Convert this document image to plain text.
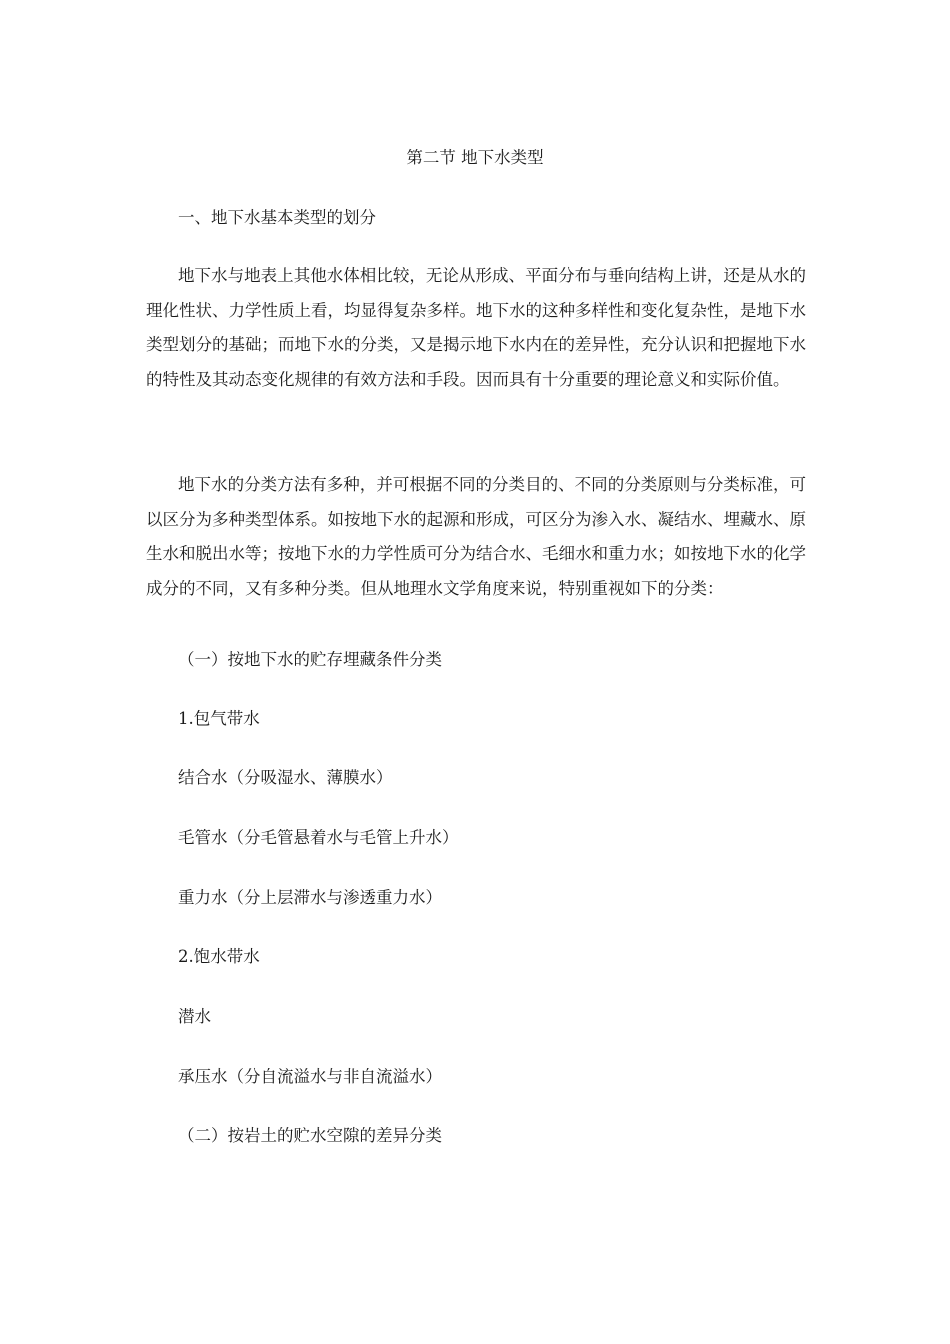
第二节 地下水类型
一、地下水基本类型的划分
地下水与地表上其他水体相比较，无论从形成、平面分布与垂向结构上讲，还是从水的理化性状、力学性质上看，均显得复杂多样。地下水的这种多样性和变化复杂性，是地下水类型划分的基础；而地下水的分类，又是揭示地下水内在的差异性，充分认识和把握地下水的特性及其动态变化规律的有效方法和手段。因而具有十分重要的理论意义和实际价值。
地下水的分类方法有多种，并可根据不同的分类目的、不同的分类原则与分类标准，可以区分为多种类型体系。如按地下水的起源和形成，可区分为渗入水、凝结水、埋藏水、原生水和脱出水等；按地下水的力学性质可分为结合水、毛细水和重力水；如按地下水的化学成分的不同，又有多种分类。但从地理水文学角度来说，特别重视如下的分类：
（一）按地下水的贮存埋藏条件分类
1.包气带水
结合水（分吸湿水、薄膜水）
毛管水（分毛管悬着水与毛管上升水）
重力水（分上层滞水与渗透重力水）
2.饱水带水
潜水
承压水（分自流溢水与非自流溢水）
（二）按岩土的贮水空隙的差异分类
